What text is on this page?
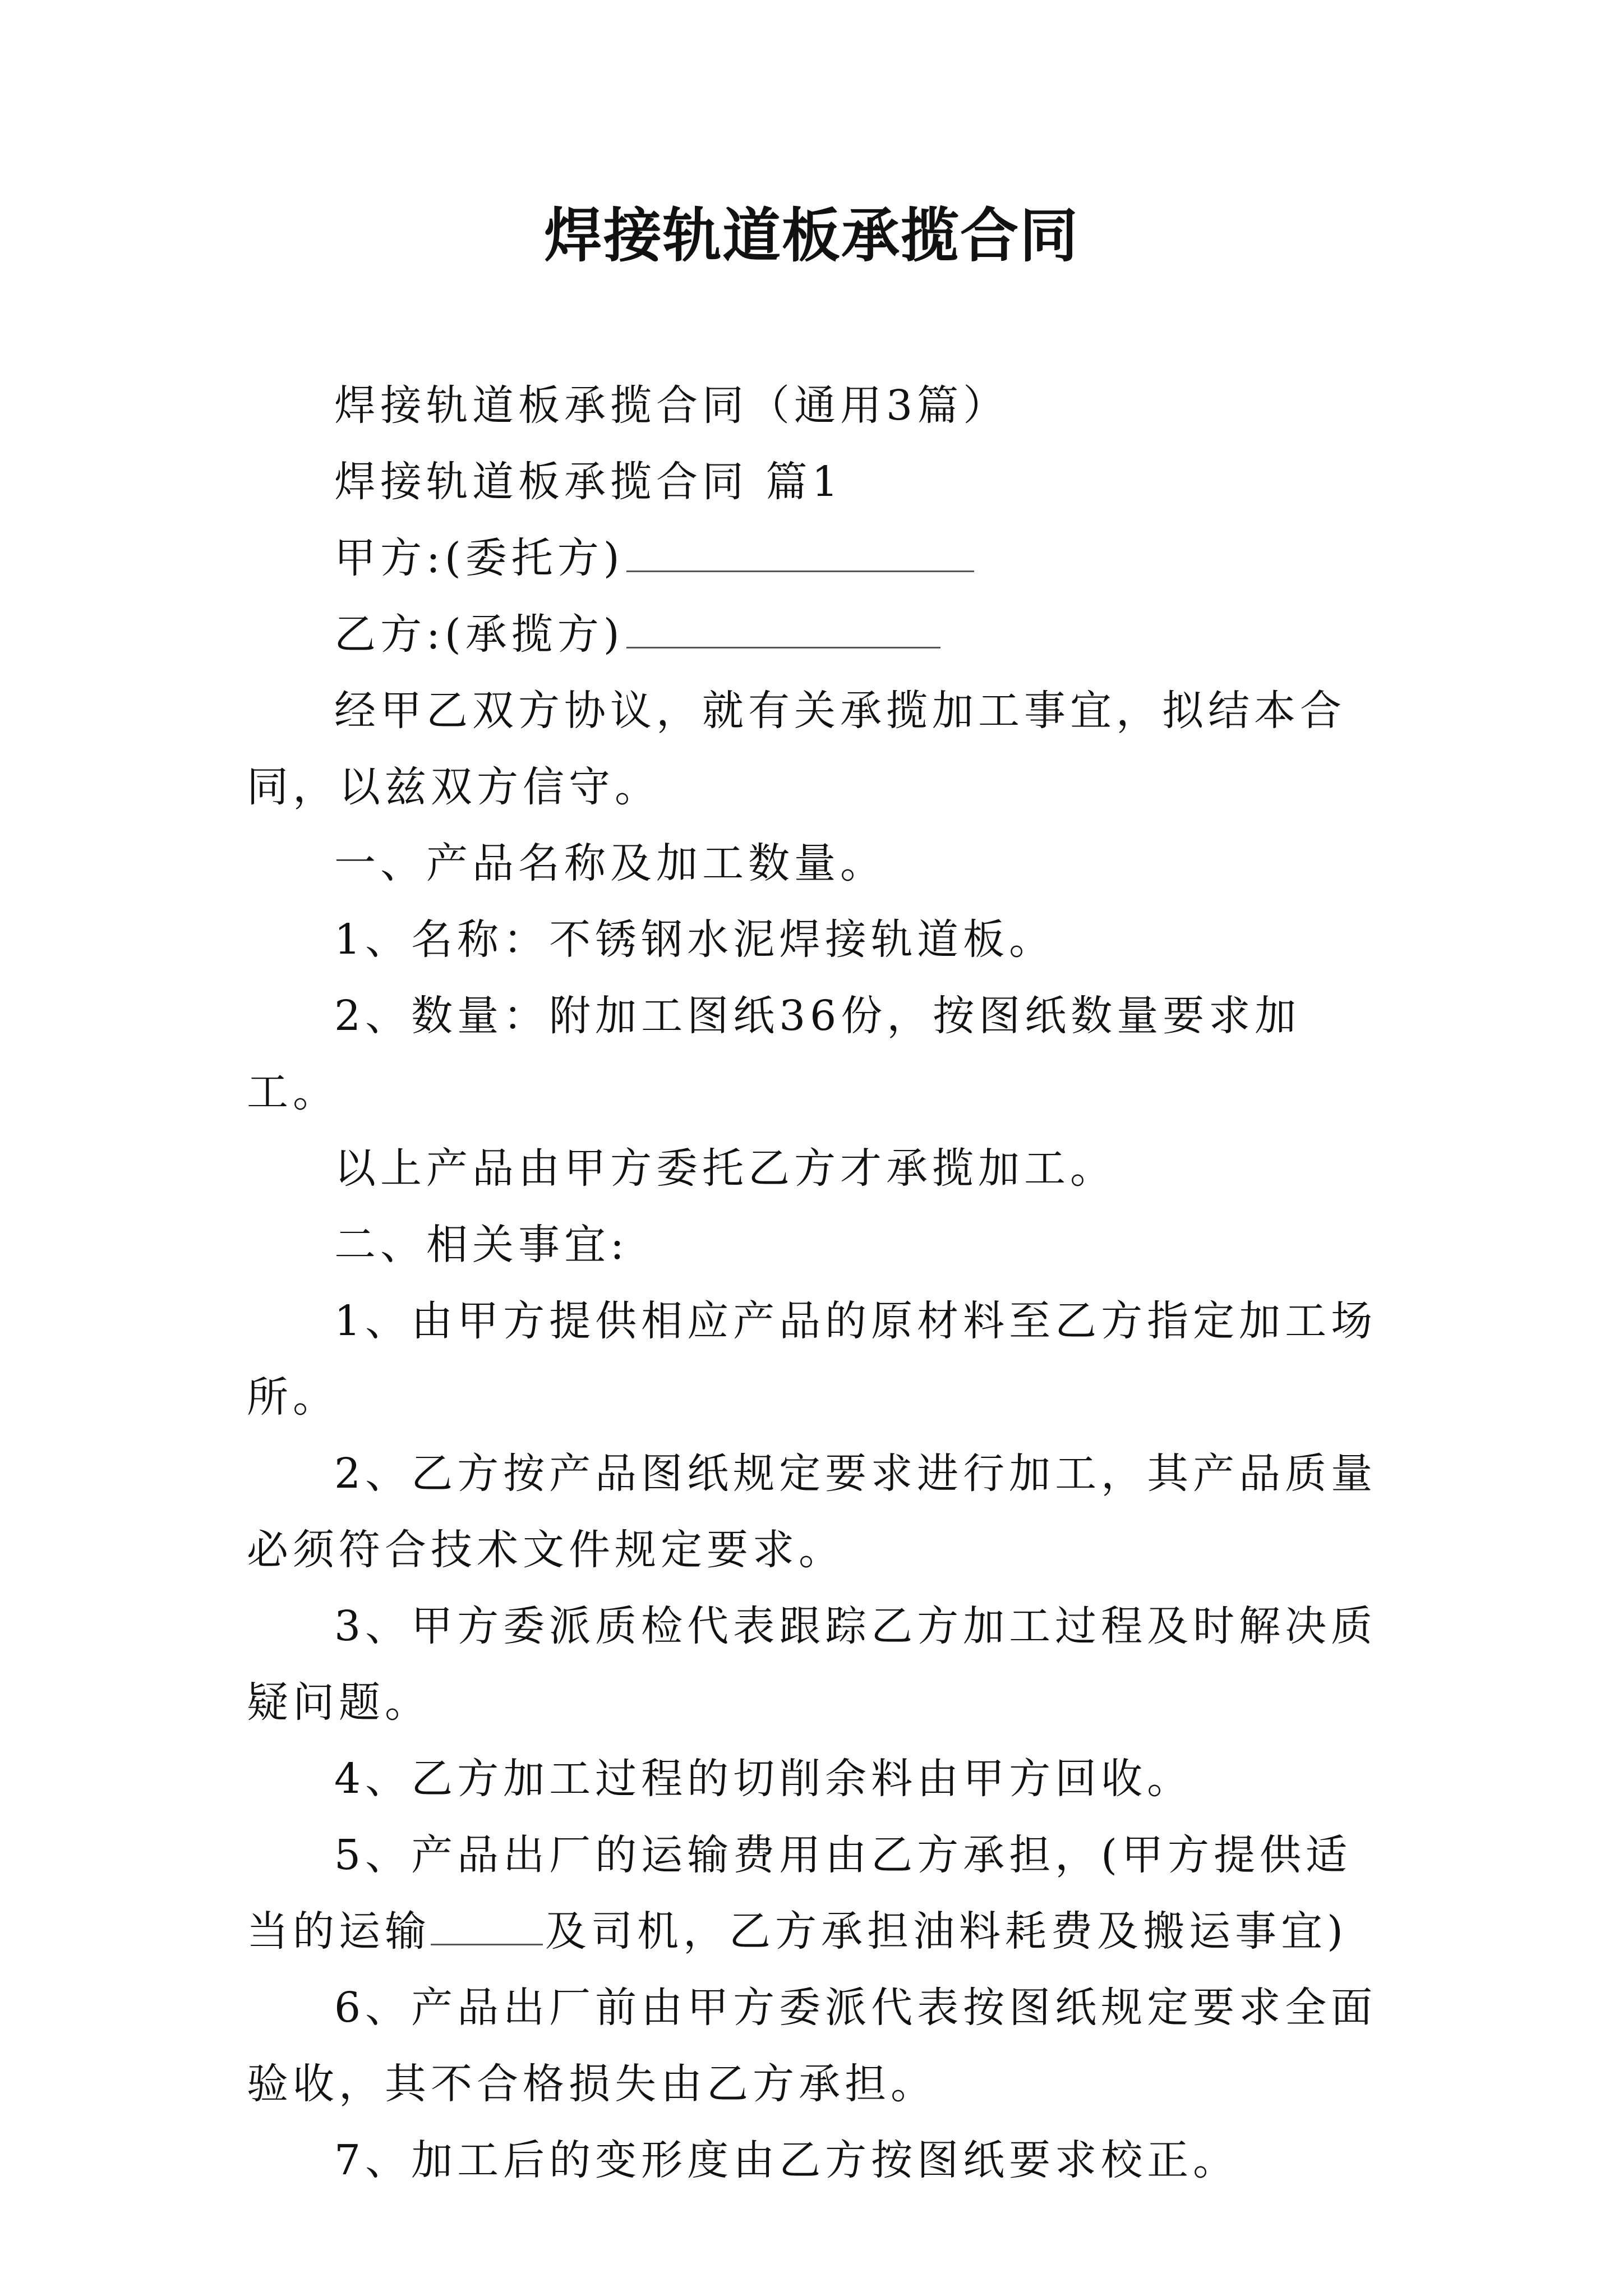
焊接轨道板承揽合同

焊接轨道板承揽合同（通用3篇）

焊接轨道板承揽合同 篇1

甲方:(委托方)

乙方:(承揽方)

经甲乙双方协议，就有关承揽加工事宜，拟结本合同，以兹双方信守。

一、产品名称及加工数量。

1、名称：不锈钢水泥焊接轨道板。

2、数量：附加工图纸36份，按图纸数量要求加工。

以上产品由甲方委托乙方才承揽加工。

二、相关事宜:

1、由甲方提供相应产品的原材料至乙方指定加工场所。

2、乙方按产品图纸规定要求进行加工，其产品质量必须符合技术文件规定要求。

3、甲方委派质检代表跟踪乙方加工过程及时解决质疑问题。

4、乙方加工过程的切削余料由甲方回收。

5、产品出厂的运输费用由乙方承担，(甲方提供适当的运输	及司机，乙方承担油料耗费及搬运事宜)

6、产品出厂前由甲方委派代表按图纸规定要求全面验收，其不合格损失由乙方承担。

7、加工后的变形度由乙方按图纸要求校正。
